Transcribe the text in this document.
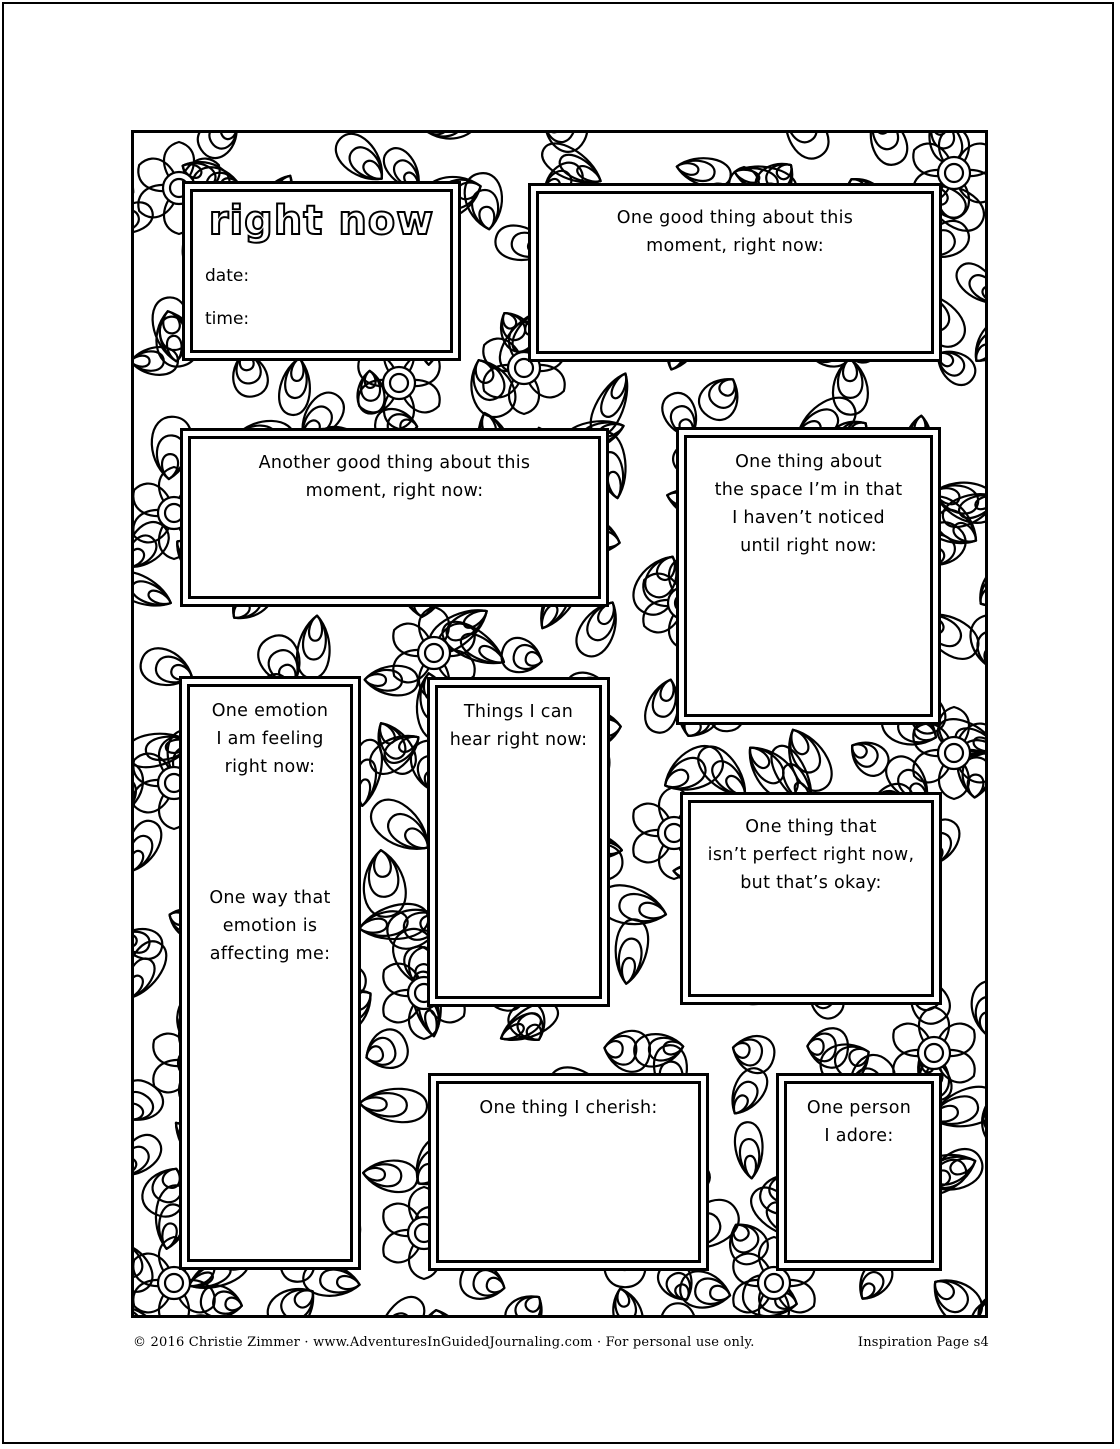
right now
date:
time:
One good thing about this
moment, right now:
Another good thing about this
moment, right now:
One thing about
the space I’m in that
I haven’t noticed
until right now:
One emotion
I am feeling
right now:
One way that
emotion is
affecting me:
Things I can
hear right now:
One thing that
isn’t perfect right now,
but that’s okay:
One thing I cherish:	One person
I adore:
© 2016 Christie Zimmer · www.AdventuresInGuidedJournaling.com · For personal use only.	Inspiration Page s4
